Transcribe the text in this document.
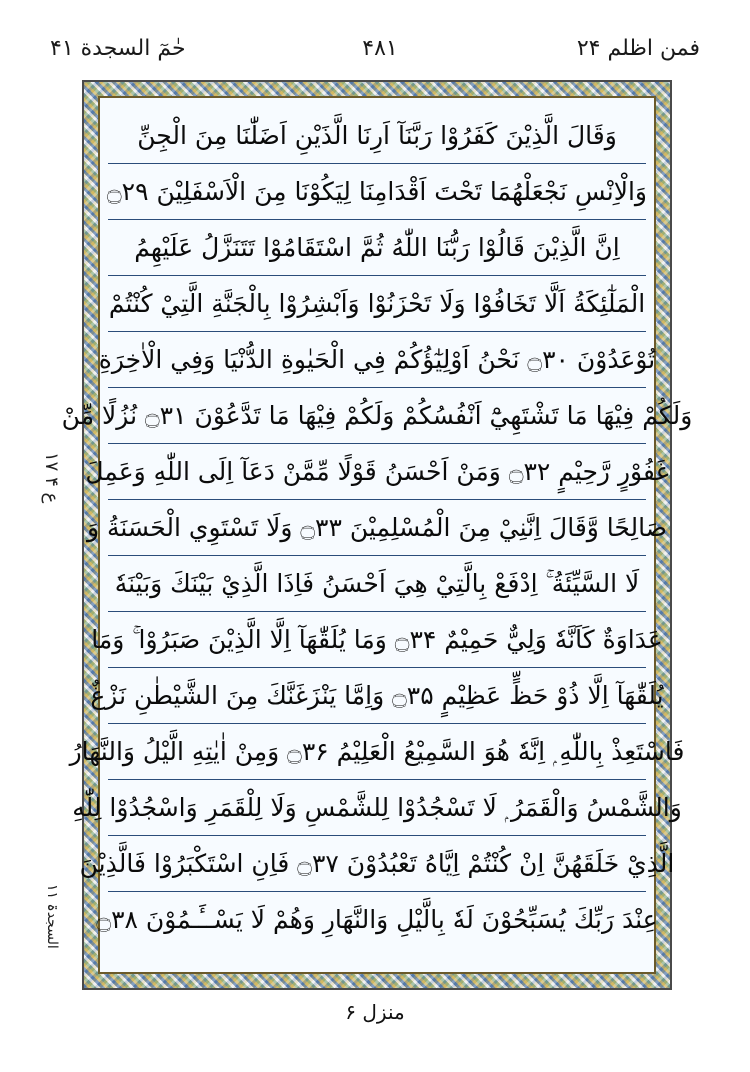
حٰمٓ السجدة ۴۱	۴۸۱	فمن اظلم ۲۴
ع ۴ ۱۷
السجدۃ ۱۱
وَقَالَ الَّذِيْنَ كَفَرُوْا رَبَّنَآ اَرِنَا الَّذَيْنِ اَضَلّٰنَا مِنَ الْجِنِّ
وَالْاِنْسِ نَجْعَلْهُمَا تَحْتَ اَقْدَامِنَا لِيَكُوْنَا مِنَ الْاَسْفَلِيْنَ ۝۲۹
اِنَّ الَّذِيْنَ قَالُوْا رَبُّنَا اللّٰهُ ثُمَّ اسْتَقَامُوْا تَتَنَزَّلُ عَلَيْهِمُ
الْمَلٰٓئِكَةُ اَلَّا تَخَافُوْا وَلَا تَحْزَنُوْا وَاَبْشِرُوْا بِالْجَنَّةِ الَّتِيْ كُنْتُمْ
تُوْعَدُوْنَ ۝۳۰ نَحْنُ اَوْلِيٰٓؤُكُمْ فِي الْحَيٰوةِ الدُّنْيَا وَفِي الْاٰخِرَةِ
وَلَكُمْ فِيْهَا مَا تَشْتَهِيْٓ اَنْفُسُكُمْ وَلَكُمْ فِيْهَا مَا تَدَّعُوْنَ ۝۳۱ نُزُلًا مِّنْ
غَفُوْرٍ رَّحِيْمٍ ۝۳۲ وَمَنْ اَحْسَنُ قَوْلًا مِّمَّنْ دَعَآ اِلَى اللّٰهِ وَعَمِلَ
صَالِحًا وَّقَالَ اِنَّنِيْ مِنَ الْمُسْلِمِيْنَ ۝۳۳ وَلَا تَسْتَوِي الْحَسَنَةُ وَ
لَا السَّيِّئَةُ ۚ اِدْفَعْ بِالَّتِيْ هِيَ اَحْسَنُ فَاِذَا الَّذِيْ بَيْنَكَ وَبَيْنَهٗ
عَدَاوَةٌ كَاَنَّهٗ وَلِيٌّ حَمِيْمٌ ۝۳۴ وَمَا يُلَقّٰهَآ اِلَّا الَّذِيْنَ صَبَرُوْا ۚ وَمَا
يُلَقّٰهَآ اِلَّا ذُوْ حَظٍّ عَظِيْمٍ ۝۳۵ وَاِمَّا يَنْزَغَنَّكَ مِنَ الشَّيْطٰنِ نَزْغٌ
فَاسْتَعِذْ بِاللّٰهِ ۭ اِنَّهٗ هُوَ السَّمِيْعُ الْعَلِيْمُ ۝۳۶ وَمِنْ اٰيٰتِهِ الَّيْلُ وَالنَّهَارُ
وَالشَّمْسُ وَالْقَمَرُ ۭ لَا تَسْجُدُوْا لِلشَّمْسِ وَلَا لِلْقَمَرِ وَاسْجُدُوْا لِلّٰهِ
الَّذِيْ خَلَقَهُنَّ اِنْ كُنْتُمْ اِيَّاهُ تَعْبُدُوْنَ ۝۳۷ فَاِنِ اسْتَكْبَرُوْا فَالَّذِيْنَ
عِنْدَ رَبِّكَ يُسَبِّحُوْنَ لَهٗ بِالَّيْلِ وَالنَّهَارِ وَهُمْ لَا يَسْــَٔـمُوْنَ ۝۳۸
منزل ۶
